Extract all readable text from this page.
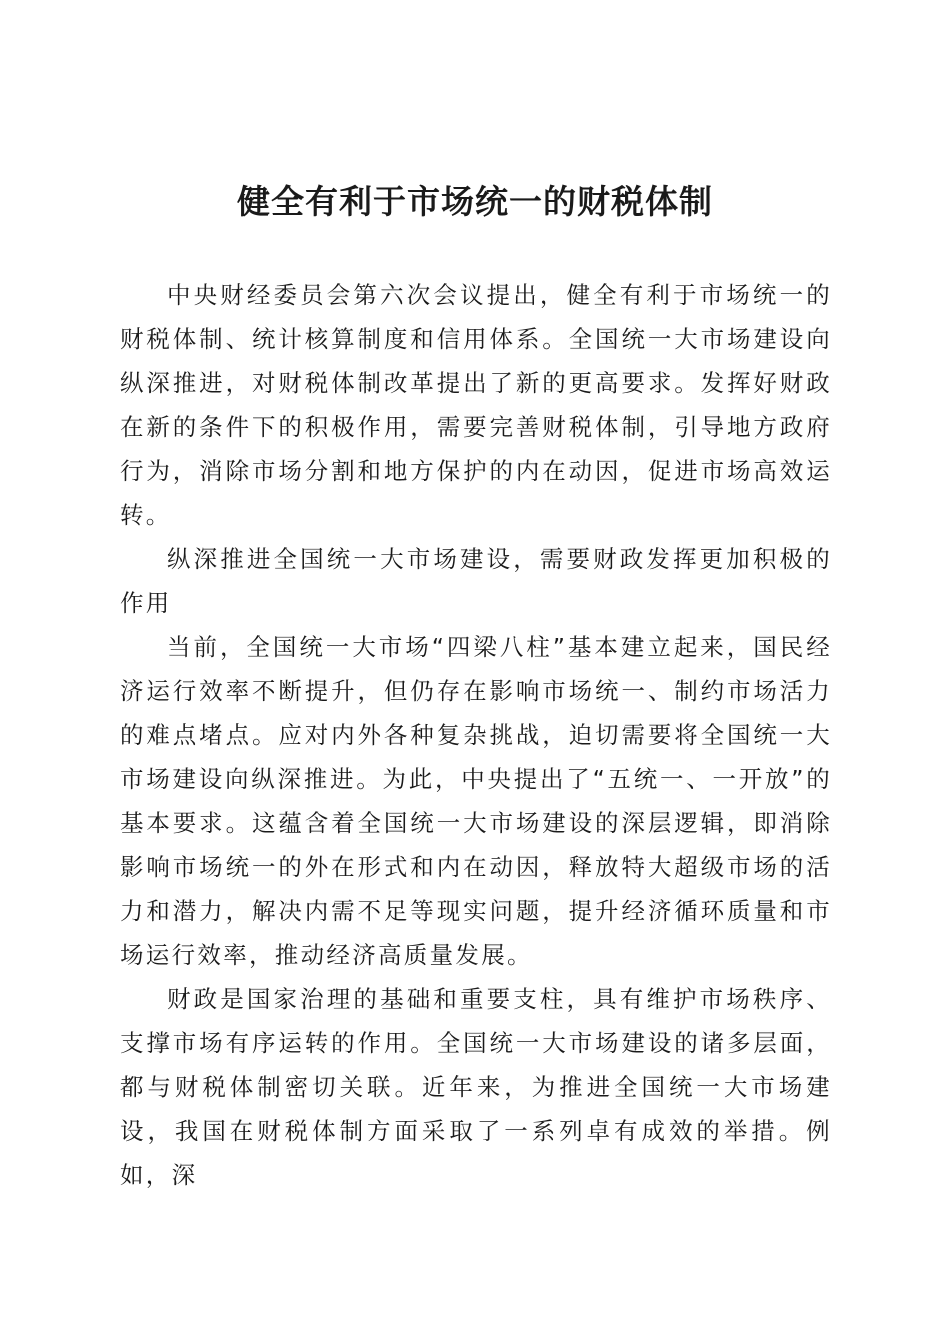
健全有利于市场统一的财税体制

中央财经委员会第六次会议提出，健全有利于市场统一的财税体制、统计核算制度和信用体系。全国统一大市场建设向纵深推进，对财税体制改革提出了新的更高要求。发挥好财政在新的条件下的积极作用，需要完善财税体制，引导地方政府行为，消除市场分割和地方保护的内在动因，促进市场高效运转。

纵深推进全国统一大市场建设，需要财政发挥更加积极的作用

当前，全国统一大市场“四梁八柱”基本建立起来，国民经济运行效率不断提升，但仍存在影响市场统一、制约市场活力的难点堵点。应对内外各种复杂挑战，迫切需要将全国统一大市场建设向纵深推进。为此，中央提出了“五统一、一开放”的基本要求。这蕴含着全国统一大市场建设的深层逻辑，即消除影响市场统一的外在形式和内在动因，释放特大超级市场的活力和潜力，解决内需不足等现实问题，提升经济循环质量和市场运行效率，推动经济高质量发展。

财政是国家治理的基础和重要支柱，具有维护市场秩序、支撑市场有序运转的作用。全国统一大市场建设的诸多层面，都与财税体制密切关联。近年来，为推进全国统一大市场建设，我国在财税体制方面采取了一系列卓有成效的举措。例如，深
